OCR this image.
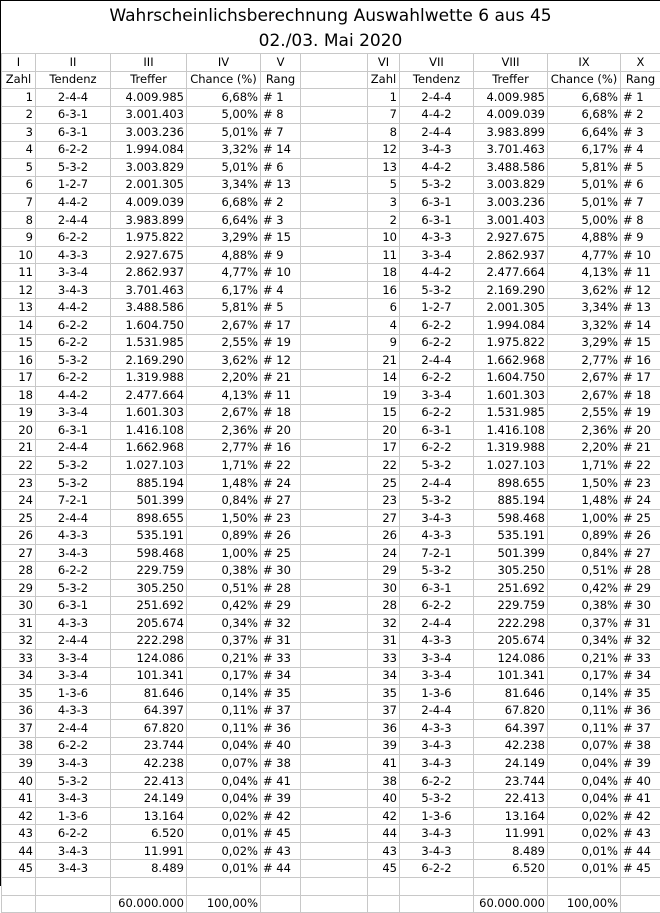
Wahrscheinlichsberechnung Auswahlwette 6 aus 45
02./03. Mai 2020
I	II	III	IV	V		VI	VII	VIII	IX	X
Zahl	Tendenz	Treffer	Chance (%)	Rang		Zahl	Tendenz	Treffer	Chance (%)	Rang
1	2-4-4	4.009.985	6,68%	# 1		1	2-4-4	4.009.985	6,68%	# 1
2	6-3-1	3.001.403	5,00%	# 8		7	4-4-2	4.009.039	6,68%	# 2
3	6-3-1	3.003.236	5,01%	# 7		8	2-4-4	3.983.899	6,64%	# 3
4	6-2-2	1.994.084	3,32%	# 14		12	3-4-3	3.701.463	6,17%	# 4
5	5-3-2	3.003.829	5,01%	# 6		13	4-4-2	3.488.586	5,81%	# 5
6	1-2-7	2.001.305	3,34%	# 13		5	5-3-2	3.003.829	5,01%	# 6
7	4-4-2	4.009.039	6,68%	# 2		3	6-3-1	3.003.236	5,01%	# 7
8	2-4-4	3.983.899	6,64%	# 3		2	6-3-1	3.001.403	5,00%	# 8
9	6-2-2	1.975.822	3,29%	# 15		10	4-3-3	2.927.675	4,88%	# 9
10	4-3-3	2.927.675	4,88%	# 9		11	3-3-4	2.862.937	4,77%	# 10
11	3-3-4	2.862.937	4,77%	# 10		18	4-4-2	2.477.664	4,13%	# 11
12	3-4-3	3.701.463	6,17%	# 4		16	5-3-2	2.169.290	3,62%	# 12
13	4-4-2	3.488.586	5,81%	# 5		6	1-2-7	2.001.305	3,34%	# 13
14	6-2-2	1.604.750	2,67%	# 17		4	6-2-2	1.994.084	3,32%	# 14
15	6-2-2	1.531.985	2,55%	# 19		9	6-2-2	1.975.822	3,29%	# 15
16	5-3-2	2.169.290	3,62%	# 12		21	2-4-4	1.662.968	2,77%	# 16
17	6-2-2	1.319.988	2,20%	# 21		14	6-2-2	1.604.750	2,67%	# 17
18	4-4-2	2.477.664	4,13%	# 11		19	3-3-4	1.601.303	2,67%	# 18
19	3-3-4	1.601.303	2,67%	# 18		15	6-2-2	1.531.985	2,55%	# 19
20	6-3-1	1.416.108	2,36%	# 20		20	6-3-1	1.416.108	2,36%	# 20
21	2-4-4	1.662.968	2,77%	# 16		17	6-2-2	1.319.988	2,20%	# 21
22	5-3-2	1.027.103	1,71%	# 22		22	5-3-2	1.027.103	1,71%	# 22
23	5-3-2	885.194	1,48%	# 24		25	2-4-4	898.655	1,50%	# 23
24	7-2-1	501.399	0,84%	# 27		23	5-3-2	885.194	1,48%	# 24
25	2-4-4	898.655	1,50%	# 23		27	3-4-3	598.468	1,00%	# 25
26	4-3-3	535.191	0,89%	# 26		26	4-3-3	535.191	0,89%	# 26
27	3-4-3	598.468	1,00%	# 25		24	7-2-1	501.399	0,84%	# 27
28	6-2-2	229.759	0,38%	# 30		29	5-3-2	305.250	0,51%	# 28
29	5-3-2	305.250	0,51%	# 28		30	6-3-1	251.692	0,42%	# 29
30	6-3-1	251.692	0,42%	# 29		28	6-2-2	229.759	0,38%	# 30
31	4-3-3	205.674	0,34%	# 32		32	2-4-4	222.298	0,37%	# 31
32	2-4-4	222.298	0,37%	# 31		31	4-3-3	205.674	0,34%	# 32
33	3-3-4	124.086	0,21%	# 33		33	3-3-4	124.086	0,21%	# 33
34	3-3-4	101.341	0,17%	# 34		34	3-3-4	101.341	0,17%	# 34
35	1-3-6	81.646	0,14%	# 35		35	1-3-6	81.646	0,14%	# 35
36	4-3-3	64.397	0,11%	# 37		37	2-4-4	67.820	0,11%	# 36
37	2-4-4	67.820	0,11%	# 36		36	4-3-3	64.397	0,11%	# 37
38	6-2-2	23.744	0,04%	# 40		39	3-4-3	42.238	0,07%	# 38
39	3-4-3	42.238	0,07%	# 38		41	3-4-3	24.149	0,04%	# 39
40	5-3-2	22.413	0,04%	# 41		38	6-2-2	23.744	0,04%	# 40
41	3-4-3	24.149	0,04%	# 39		40	5-3-2	22.413	0,04%	# 41
42	1-3-6	13.164	0,02%	# 42		42	1-3-6	13.164	0,02%	# 42
43	6-2-2	6.520	0,01%	# 45		44	3-4-3	11.991	0,02%	# 43
44	3-4-3	11.991	0,02%	# 43		43	3-4-3	8.489	0,01%	# 44
45	3-4-3	8.489	0,01%	# 44		45	6-2-2	6.520	0,01%	# 45

		60.000.000	100,00%					60.000.000	100,00%	
